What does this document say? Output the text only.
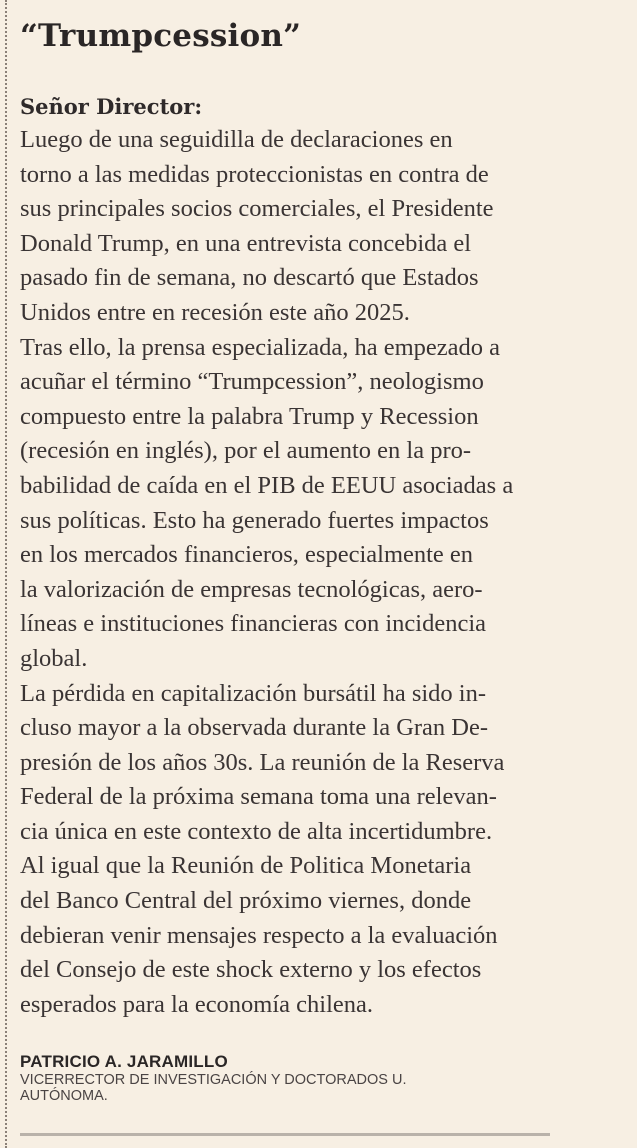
“Trumpcession”

Señor Director:

Luego de una seguidilla de declaraciones en
torno a las medidas proteccionistas en contra de
sus principales socios comerciales, el Presidente
Donald Trump, en una entrevista concebida el
pasado fin de semana, no descartó que Estados
Unidos entre en recesión este año 2025.
Tras ello, la prensa especializada, ha empezado a
acuñar el término “Trumpcession”, neologismo
compuesto entre la palabra Trump y Recession
(recesión en inglés), por el aumento en la pro-
babilidad de caída en el PIB de EEUU asociadas a
sus políticas. Esto ha generado fuertes impactos
en los mercados financieros, especialmente en
la valorización de empresas tecnológicas, aero-
líneas e instituciones financieras con incidencia
global.
La pérdida en capitalización bursátil ha sido in-
cluso mayor a la observada durante la Gran De-
presión de los años 30s. La reunión de la Reserva
Federal de la próxima semana toma una relevan-
cia única en este contexto de alta incertidumbre.
Al igual que la Reunión de Politica Monetaria
del Banco Central del próximo viernes, donde
debieran venir mensajes respecto a la evaluación
del Consejo de este shock externo y los efectos
esperados para la economía chilena.

PATRICIO A. JARAMILLO

VICERRECTOR DE INVESTIGACIÓN Y DOCTORADOS U.
AUTÓNOMA.
